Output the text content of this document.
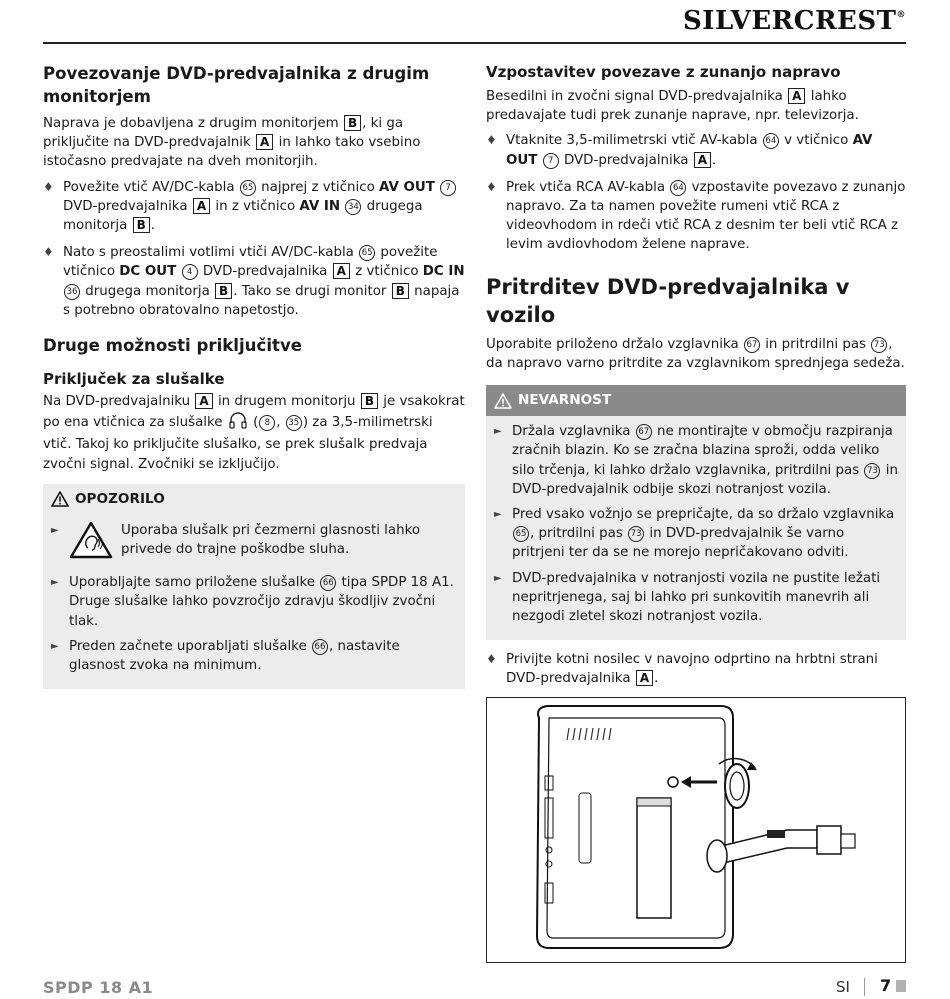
SILVERCREST®
Povezovanje DVD-predvajalnika z drugim monitorjem

Naprava je dobavljena z drugim monitorjem B , ki ga priključite na DVD-predvajalnik A in lahko tako vsebino istočasno predvajate na dveh monitorjih.

♦ Povežite vtič AV/DC-kabla 65 najprej z vtičnico AV OUT 7 DVD-predvajalnika A in z vtičnico AV IN 34 drugega monitorja B .
♦ Nato s preostalimi votlimi vtiči AV/DC-kabla 65 povežite vtičnico DC OUT 4 DVD-predvajalnika A z vtičnico DC IN 36 drugega monitorja B . Tako se drugi monitor B napaja s potrebno obratovalno napetostjo.
Druge možnosti priključitve
Priključek za slušalke

Na DVD-predvajalniku A in drugem monitorju B je vsakokrat po ena vtičnica za slušalke ( 8 , 35 ) za 3,5-milimetrski vtič. Takoj ko priključite slušalko, se prek slušalk predvaja zvočni signal. Zvočniki se izključijo.

OPOZORILO
►	Uporaba slušalk pri čezmerni glasnosti lahko privede do trajne poškodbe sluha.
► Uporabljajte samo priložene slušalke 66 tipa SPDP 18 A1. Druge slušalke lahko povzročijo zdravju škodljiv zvočni tlak.
► Preden začnete uporabljati slušalke 66 , nastavite glasnost zvoka na minimum.
Vzpostavitev povezave z zunanjo napravo

Besedilni in zvočni signal DVD-predvajalnika A lahko predavajate tudi prek zunanje naprave, npr. televizorja.

♦ Vtaknite 3,5-milimetrski vtič AV-kabla 64 v vtičnico AV OUT 7 DVD-predvajalnika A .
♦ Prek vtiča RCA AV-kabla 64 vzpostavite povezavo z zunanjo napravo. Za ta namen povežite rumeni vtič RCA z videovhodom in rdeči vtič RCA z desnim ter beli vtič RCA z levim avdiovhodom želene naprave.
Pritrditev DVD-predvajalnika v vozilo

Uporabite priloženo držalo vzglavnika 67 in pritrdilni pas 73 , da napravo varno pritrdite za vzglavnikom sprednjega sedeža.

NEVARNOST
► Držala vzglavnika 67 ne montirajte v območju razpiranja zračnih blazin. Ko se zračna blazina sproži, odda veliko silo trčenja, ki lahko držalo vzglavnika, pritrdilni pas 73 in DVD-predvajalnik odbije skozi notranjost vozila.
► Pred vsako vožnjo se prepričajte, da so držalo vzglavnika 65 , pritrdilni pas 73 in DVD-predvajalnik še varno pritrjeni ter da se ne morejo nepričakovano odviti.
► DVD-predvajalnika v notranjosti vozila ne pustite ležati nepritrjenega, saj bi lahko pri sunkovitih manevrih ali nezgodi zletel skozi notranjost vozila.
♦ Privijte kotni nosilec v navojno odprtino na hrbtni strani DVD-predvajalnika A .
SPDP 18 A1	SI 7
